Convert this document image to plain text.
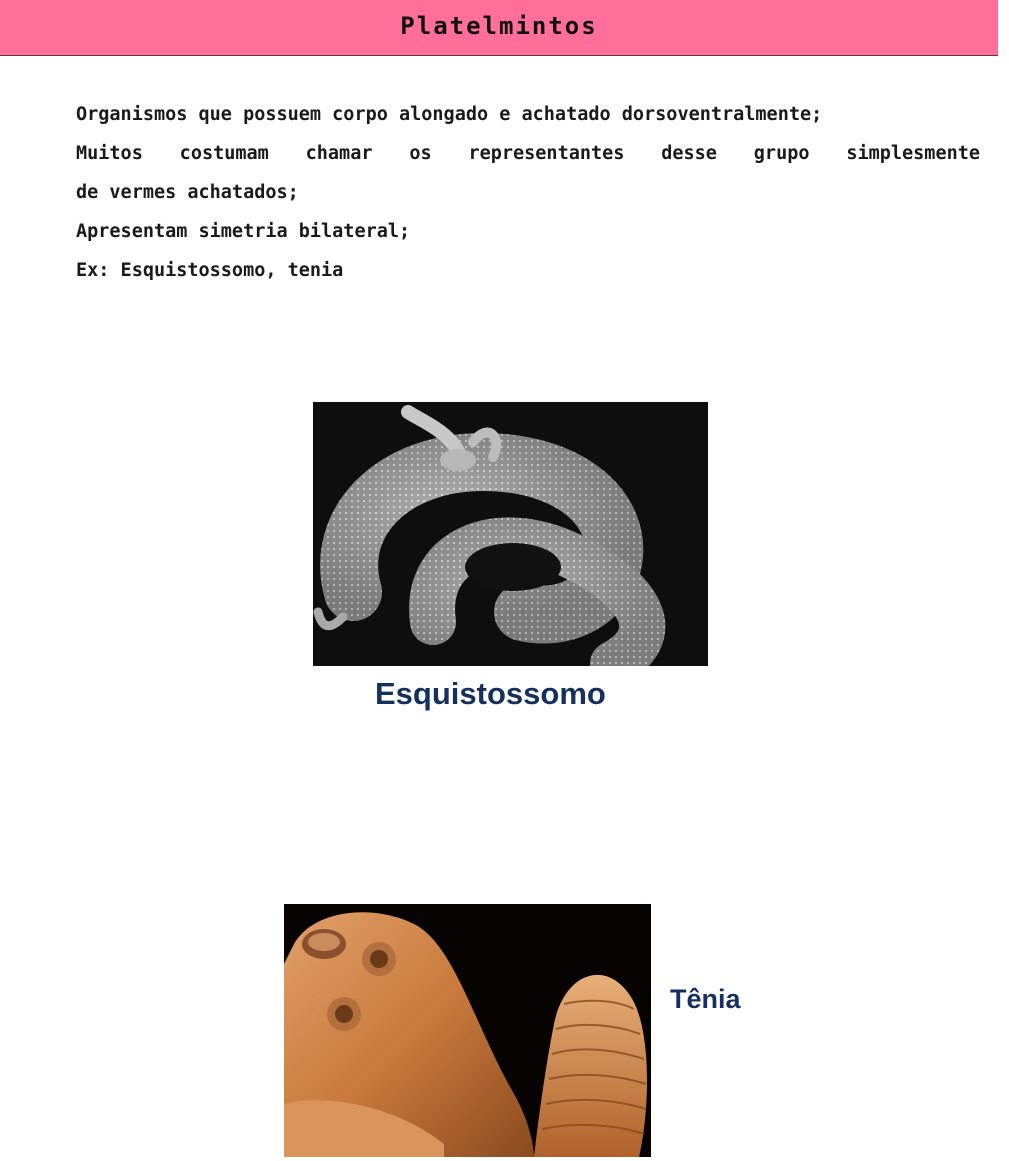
Platelmintos
Organismos que possuem corpo alongado e achatado dorsoventralmente;
Muitos costumam chamar os representantes desse grupo simplesmente
de vermes achatados;
Apresentam simetria bilateral;
Ex: Esquistossomo, tenia
Esquistossomo
Tênia
